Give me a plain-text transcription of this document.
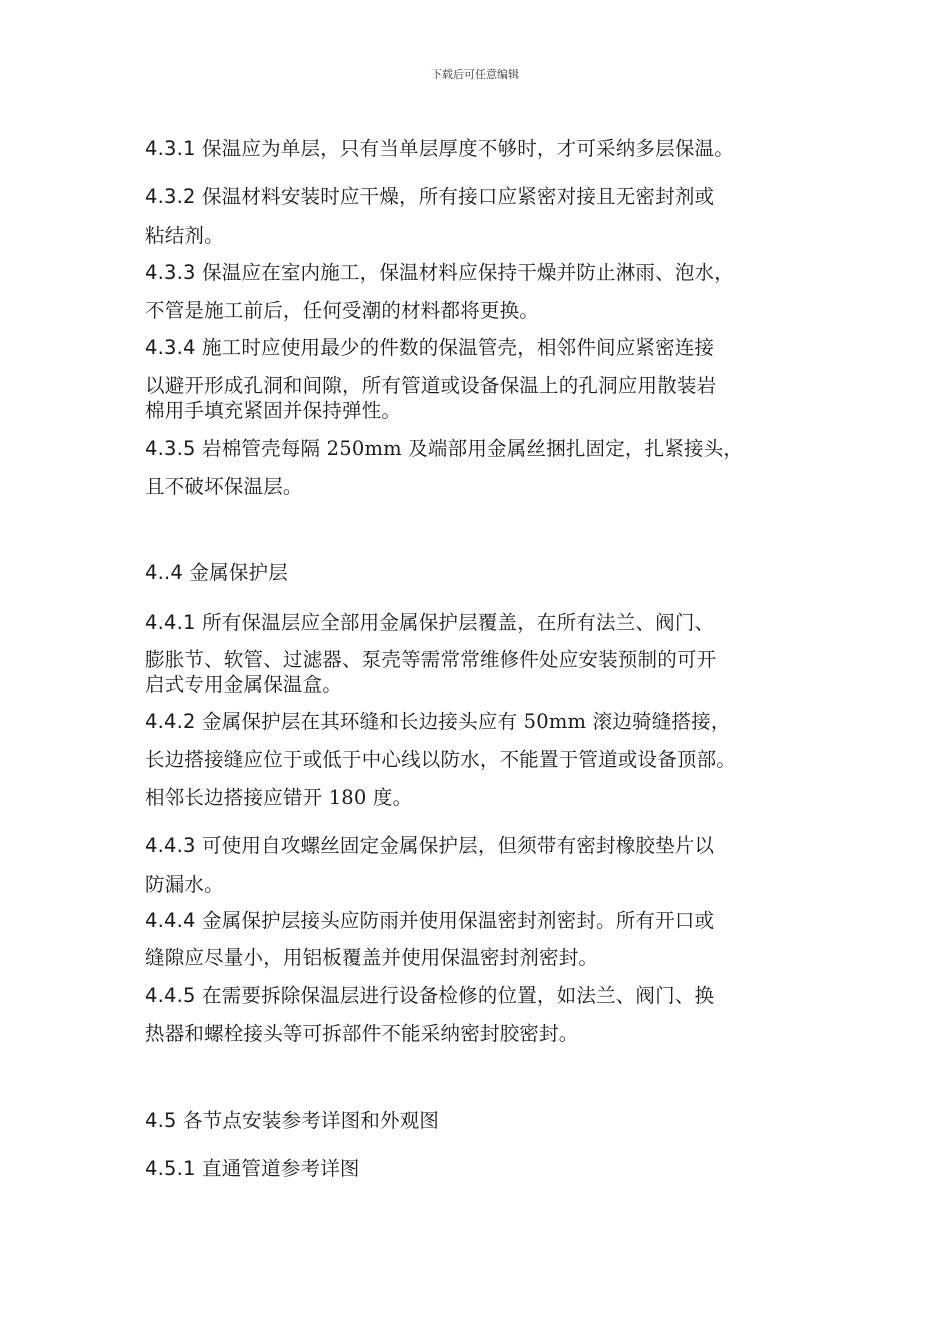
下载后可任意编辑
4.3.1 保温应为单层，只有当单层厚度不够时，才可采纳多层保温。
4.3.2 保温材料安装时应干燥，所有接口应紧密对接且无密封剂或
粘结剂。
4.3.3 保温应在室内施工，保温材料应保持干燥并防止淋雨、泡水，
不管是施工前后，任何受潮的材料都将更换。
4.3.4 施工时应使用最少的件数的保温管壳，相邻件间应紧密连接
以避开形成孔洞和间隙，所有管道或设备保温上的孔洞应用散装岩
棉用手填充紧固并保持弹性。
4.3.5 岩棉管壳每隔 250mm 及端部用金属丝捆扎固定，扎紧接头，
且不破坏保温层。
4..4 金属保护层
4.4.1 所有保温层应全部用金属保护层覆盖，在所有法兰、阀门、
膨胀节、软管、过滤器、泵壳等需常常维修件处应安装预制的可开
启式专用金属保温盒。
4.4.2 金属保护层在其环缝和长边接头应有 50mm 滚边骑缝搭接，
长边搭接缝应位于或低于中心线以防水，不能置于管道或设备顶部。
相邻长边搭接应错开 180 度。
4.4.3 可使用自攻螺丝固定金属保护层，但须带有密封橡胶垫片以
防漏水。
4.4.4 金属保护层接头应防雨并使用保温密封剂密封。所有开口或
缝隙应尽量小，用铝板覆盖并使用保温密封剂密封。
4.4.5 在需要拆除保温层进行设备检修的位置，如法兰、阀门、换
热器和螺栓接头等可拆部件不能采纳密封胶密封。
4.5 各节点安装参考详图和外观图
4.5.1 直通管道参考详图
